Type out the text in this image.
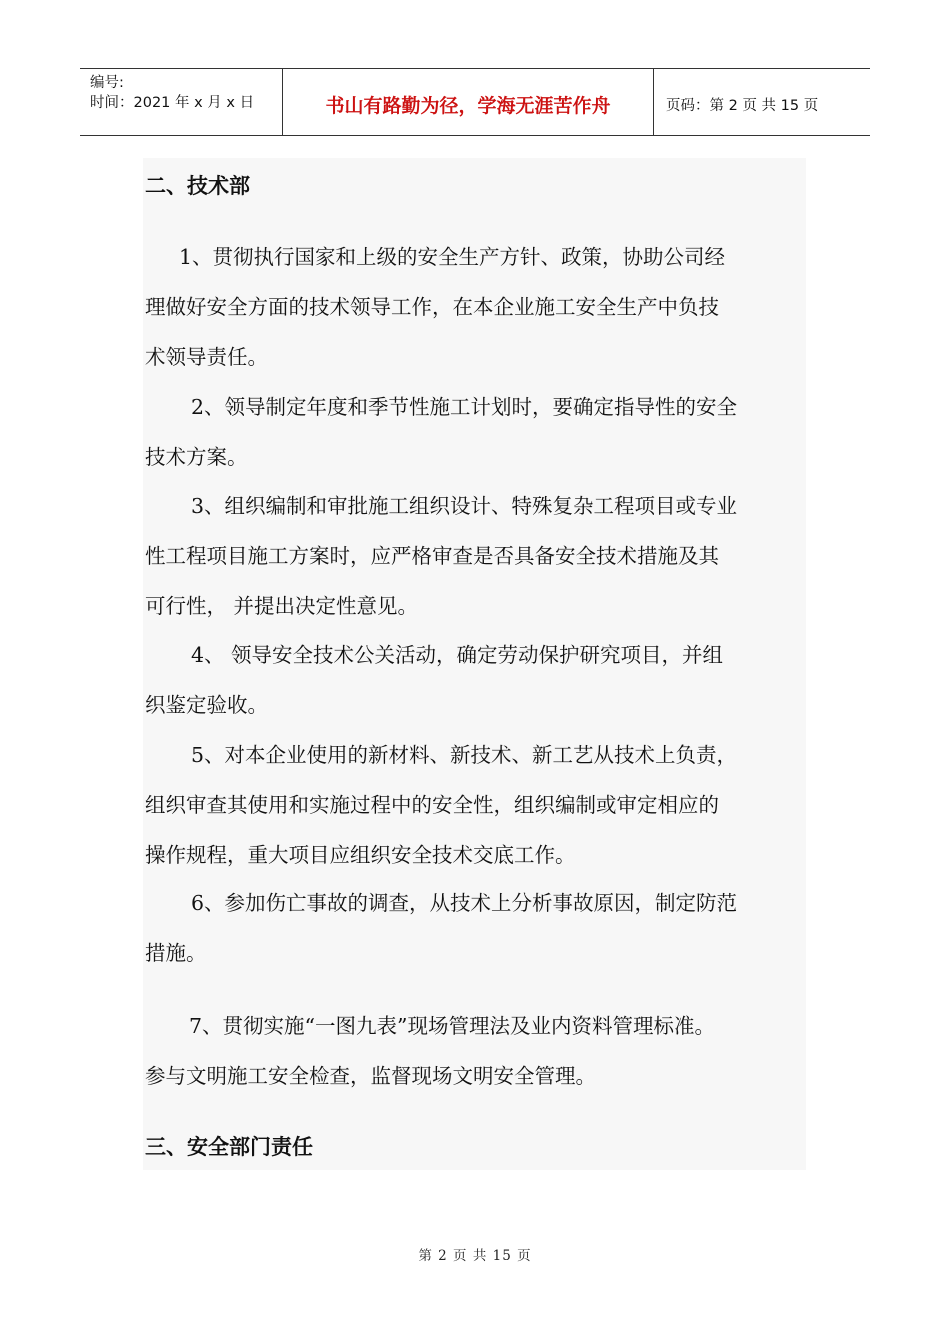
编号:
时间：2021 年 x 月 x 日	书山有路勤为径，学海无涯苦作舟	页码：第 2 页 共 15 页
二、技术部
1、贯彻执行国家和上级的安全生产方针、政策，协助公司经
理做好安全方面的技术领导工作，在本企业施工安全生产中负技
术领导责任。
2、领导制定年度和季节性施工计划时，要确定指导性的安全
技术方案。
3、组织编制和审批施工组织设计、特殊复杂工程项目或专业
性工程项目施工方案时，应严格审查是否具备安全技术措施及其
可行性， 并提出决定性意见。
4、 领导安全技术公关活动，确定劳动保护研究项目，并组
织鉴定验收。
5、对本企业使用的新材料、新技术、新工艺从技术上负责，
组织审查其使用和实施过程中的安全性，组织编制或审定相应的
操作规程，重大项目应组织安全技术交底工作。
6、参加伤亡事故的调查，从技术上分析事故原因，制定防范
措施。
7、贯彻实施“一图九表”现场管理法及业内资料管理标准。
参与文明施工安全检查，监督现场文明安全管理。
三、安全部门责任
第 2 页 共 15 页
